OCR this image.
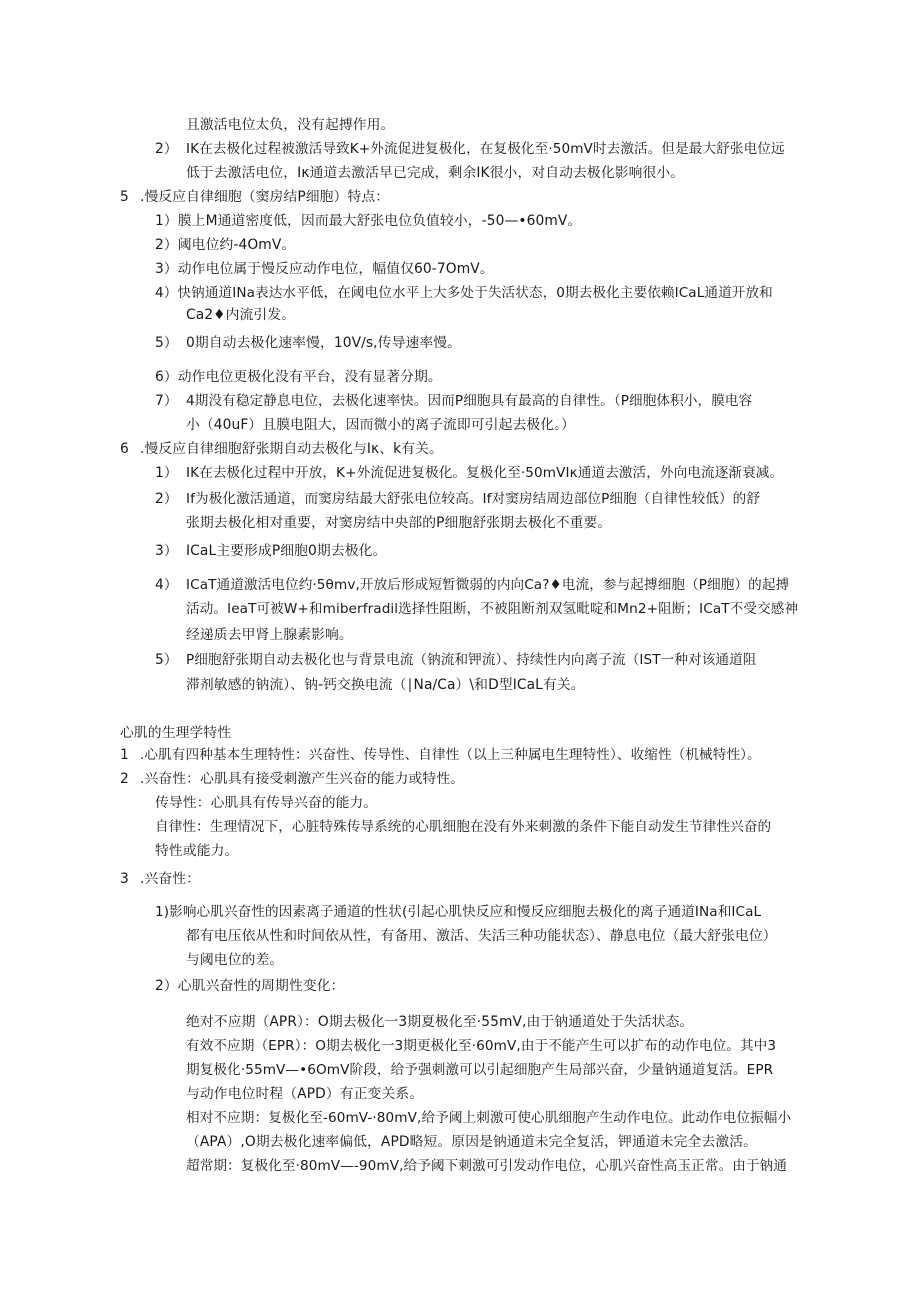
且激活电位太负，没有起搏作用。

2） IK在去极化过程被激活导致K+外流促进复极化，在复极化至·50mV时去激活。但是最大舒张电位远

低于去激活电位，Iκ通道去激活早已完成，剩余IK很小，对自动去极化影响很小。

5 .慢反应自律细胞（窦房结P细胞）特点：

1）膜上M通道密度低，因而最大舒张电位负值较小，-50—•60mV。

2）阈电位约-4OmV。

3）动作电位属于慢反应动作电位，幅值仅60-7OmV。

4）快钠通道INa表达水平低，在阈电位水平上大多处于失活状态，0期去极化主要依赖ICaL通道开放和

Ca2♦内流引发。

5） 0期自动去极化速率慢，10V∕s,传导速率慢。

6）动作电位更极化没有平台，没有显著分期。

7） 4期没有稳定静息电位，去极化速率快。因而P细胞具有最高的自律性。（P细胞体积小，膜电容

小（40uF）且膜电阻大，因而微小的离子流即可引起去极化。）

6 .慢反应自律细胞舒张期自动去极化与Iκ、k有关。

1） IK在去极化过程中开放，K+外流促进复极化。复极化至·50mVIκ通道去激活，外向电流逐渐衰减。

2） If为极化激活通道，而窦房结最大舒张电位较高。If对窦房结周边部位P细胞（自律性较低）的舒

张期去极化相对重要，对窦房结中央部的P细胞舒张期去极化不重要。

3） ICaL主要形成P细胞0期去极化。

4） ICaT通道激活电位约·5θmv,开放后形成短暂微弱的内向Ca?♦电流，参与起搏细胞（P细胞）的起搏

活动。IeaT可被W+和miberfradil选择性阻断，不被阻断剂双氢毗啶和Mn2+阻断；ICaT不受交感神

经递质去甲肾上腺素影响。

5） P细胞舒张期自动去极化也与背景电流（钠流和钾流）、持续性内向离子流（IST一种对该通道阻

滞剂敏感的钠流）、钠-钙交换电流（∣Na∕Ca）\和D型ICaL有关。

心肌的生理学特性

1 .心肌有四种基本生理特性：兴奋性、传导性、自律性（以上三种属电生理特性）、收缩性（机械特性）。

2 .兴奋性：心肌具有接受刺激产生兴奋的能力或特性。

传导性：心肌具有传导兴奋的能力。

自律性：生理情况下，心脏特殊传导系统的心肌细胞在没有外来刺激的条件下能自动发生节律性兴奋的

特性或能力。

3 .兴奋性：

1)影响心肌兴奋性的因素离子通道的性状(引起心肌快反应和慢反应细胞去极化的离子通道INa和ICaL

都有电压依从性和时间依从性，有备用、激活、失活三种功能状态）、静息电位（最大舒张电位）

与阈电位的差。

2）心肌兴奋性的周期性变化：

绝对不应期（APR）：O期去极化一3期夏极化至·55mV,由于钠通道处于失活状态。

有效不应期（EPR）：O期去极化一3期更极化至·60mV,由于不能产生可以扩布的动作电位。其中3

期复极化·55mV—•6OmV阶段，给予强刺激可以引起细胞产生局部兴奋，少量钠通道复活。EPR

与动作电位时程（APD）有正变关系。

相对不应期：复极化至-60mV-·80mV,给予阈上刺激可使心肌细胞产生动作电位。此动作电位振幅小

（APA）,O期去极化速率偏低，APD略短。原因是钠通道未完全复活，钾通道未完全去激活。

超常期：复极化至·80mV—-90mV,给予阈下刺激可引发动作电位，心肌兴奋性高玉正常。由于钠通
